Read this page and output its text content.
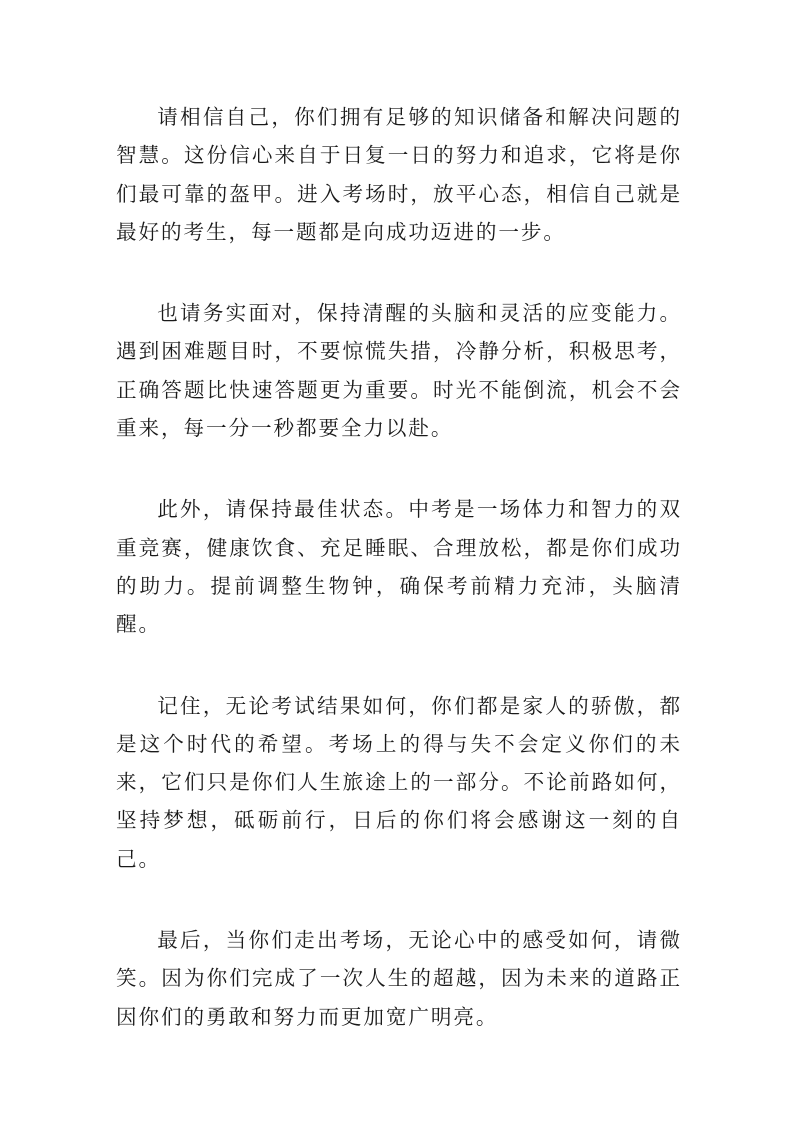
请相信自己，你们拥有足够的知识储备和解决问题的智慧。这份信心来自于日复一日的努力和追求，它将是你们最可靠的盔甲。进入考场时，放平心态，相信自己就是最好的考生，每一题都是向成功迈进的一步。

也请务实面对，保持清醒的头脑和灵活的应变能力。遇到困难题目时，不要惊慌失措，冷静分析，积极思考，正确答题比快速答题更为重要。时光不能倒流，机会不会重来，每一分一秒都要全力以赴。

此外，请保持最佳状态。中考是一场体力和智力的双重竞赛，健康饮食、充足睡眠、合理放松，都是你们成功的助力。提前调整生物钟，确保考前精力充沛，头脑清醒。

记住，无论考试结果如何，你们都是家人的骄傲，都是这个时代的希望。考场上的得与失不会定义你们的未来，它们只是你们人生旅途上的一部分。不论前路如何，坚持梦想，砥砺前行，日后的你们将会感谢这一刻的自己。

最后，当你们走出考场，无论心中的感受如何，请微笑。因为你们完成了一次人生的超越，因为未来的道路正因你们的勇敢和努力而更加宽广明亮。
